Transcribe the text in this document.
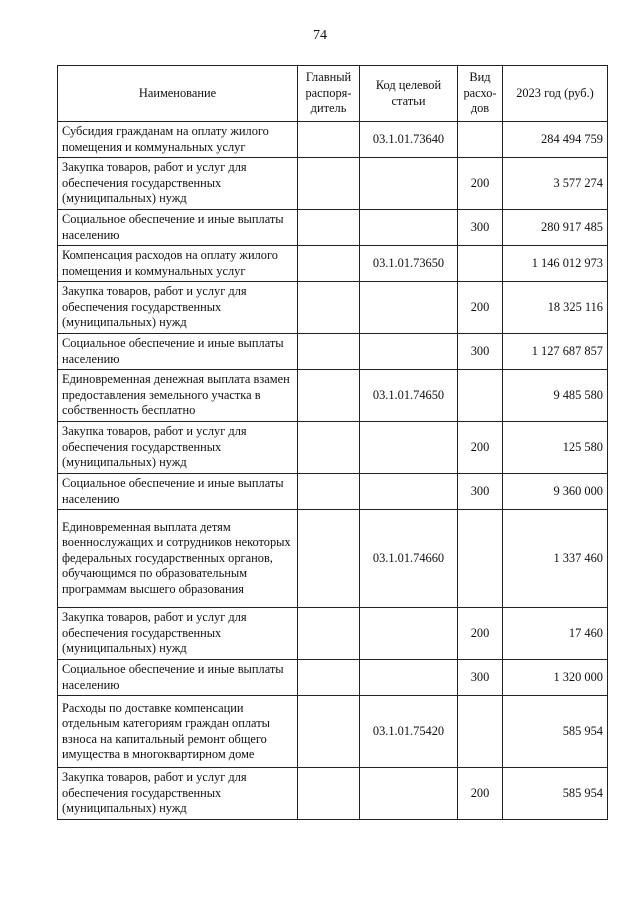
74
Наименование	Главный распоря-дитель	Код целевой статьи	Вид расхо-дов	2023 год (руб.)
Субсидия гражданам на оплату жилого помещения и коммунальных услуг		03.1.01.73640		284 494 759
Закупка товаров, работ и услуг для обеспечения государственных (муниципальных) нужд			200	3 577 274
Социальное обеспечение и иные выплаты населению			300	280 917 485
Компенсация расходов на оплату жилого помещения и коммунальных услуг		03.1.01.73650		1 146 012 973
Закупка товаров, работ и услуг для обеспечения государственных (муниципальных) нужд			200	18 325 116
Социальное обеспечение и иные выплаты населению			300	1 127 687 857
Единовременная денежная выплата взамен предоставления земельного участка в собственность бесплатно		03.1.01.74650		9 485 580
Закупка товаров, работ и услуг для обеспечения государственных (муниципальных) нужд			200	125 580
Социальное обеспечение и иные выплаты населению			300	9 360 000
Единовременная выплата детям военнослужащих и сотрудников некоторых федеральных государственных органов, обучающимся по образовательным программам высшего образования		03.1.01.74660		1 337 460
Закупка товаров, работ и услуг для обеспечения государственных (муниципальных) нужд			200	17 460
Социальное обеспечение и иные выплаты населению			300	1 320 000
Расходы по доставке компенсации отдельным категориям граждан оплаты взноса на капитальный ремонт общего имущества в многоквартирном доме		03.1.01.75420		585 954
Закупка товаров, работ и услуг для обеспечения государственных (муниципальных) нужд			200	585 954
